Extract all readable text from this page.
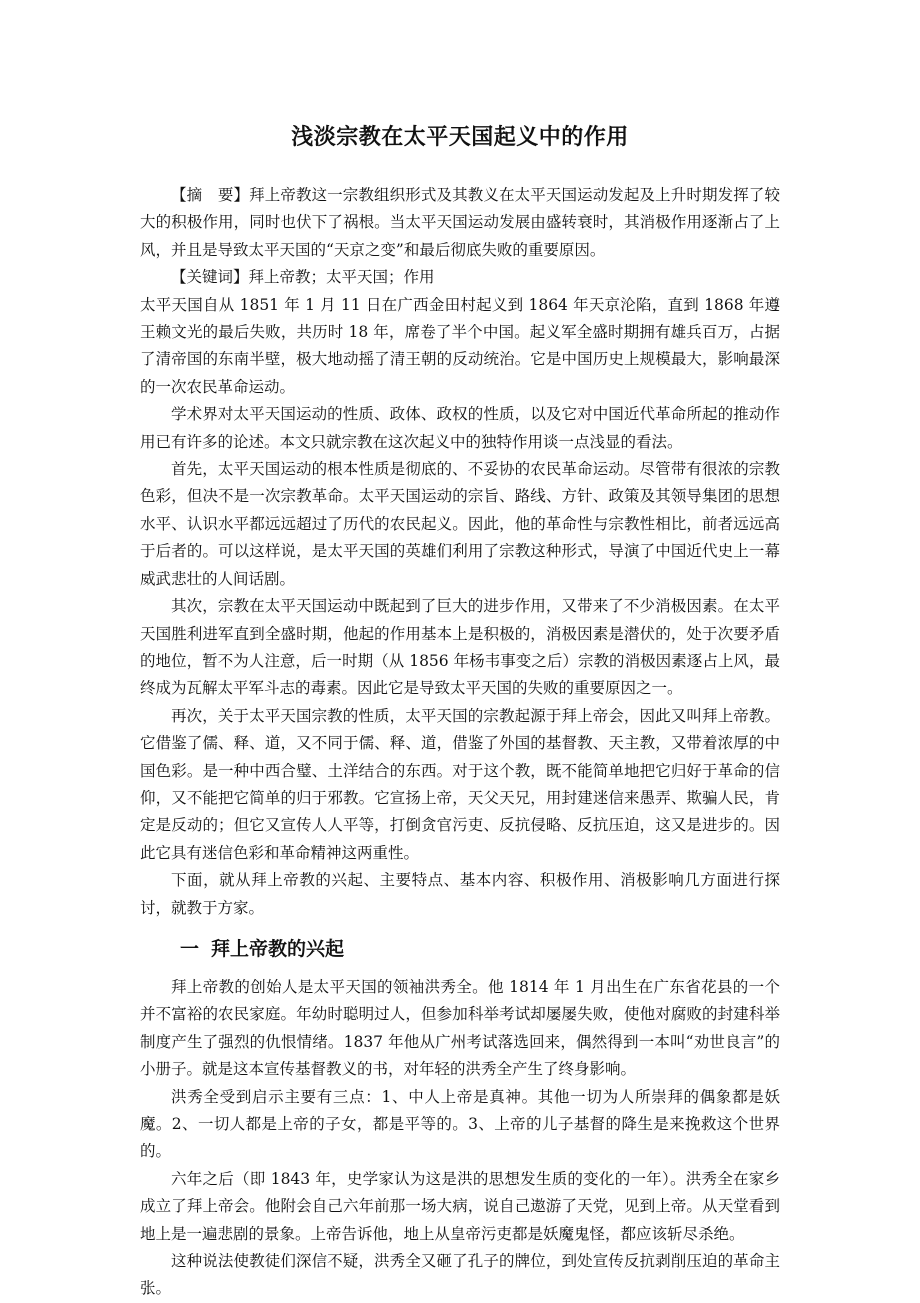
浅淡宗教在太平天国起义中的作用

【摘　要】拜上帝教这一宗教组织形式及其教义在太平天国运动发起及上升时期发挥了较大的积极作用，同时也伏下了祸根。当太平天国运动发展由盛转衰时，其消极作用逐渐占了上风，并且是导致太平天国的“天京之变”和最后彻底失败的重要原因。

【关键词】拜上帝教；太平天国；作用

太平天国自从 1851 年 1 月 11 日在广西金田村起义到 1864 年天京沦陷，直到 1868 年遵王赖文光的最后失败，共历时 18 年，席卷了半个中国。起义军全盛时期拥有雄兵百万，占据了清帝国的东南半壁，极大地动摇了清王朝的反动统治。它是中国历史上规模最大，影响最深的一次农民革命运动。

学术界对太平天国运动的性质、政体、政权的性质，以及它对中国近代革命所起的推动作用已有许多的论述。本文只就宗教在这次起义中的独特作用谈一点浅显的看法。

首先，太平天国运动的根本性质是彻底的、不妥协的农民革命运动。尽管带有很浓的宗教色彩，但决不是一次宗教革命。太平天国运动的宗旨、路线、方针、政策及其领导集团的思想水平、认识水平都远远超过了历代的农民起义。因此，他的革命性与宗教性相比，前者远远高于后者的。可以这样说，是太平天国的英雄们利用了宗教这种形式，导演了中国近代史上一幕威武悲壮的人间话剧。

其次，宗教在太平天国运动中既起到了巨大的进步作用，又带来了不少消极因素。在太平天国胜利进军直到全盛时期，他起的作用基本上是积极的，消极因素是潜伏的，处于次要矛盾的地位，暂不为人注意，后一时期（从 1856 年杨韦事变之后）宗教的消极因素逐占上风，最终成为瓦解太平军斗志的毒素。因此它是导致太平天国的失败的重要原因之一。

再次，关于太平天国宗教的性质，太平天国的宗教起源于拜上帝会，因此又叫拜上帝教。它借鉴了儒、释、道，又不同于儒、释、道，借鉴了外国的基督教、天主教，又带着浓厚的中国色彩。是一种中西合璧、土洋结合的东西。对于这个教，既不能简单地把它归好于革命的信仰，又不能把它简单的归于邪教。它宣扬上帝，天父天兄，用封建迷信来愚弄、欺骗人民，肯定是反动的；但它又宣传人人平等，打倒贪官污吏、反抗侵略、反抗压迫，这又是进步的。因此它具有迷信色彩和革命精神这两重性。

下面，就从拜上帝教的兴起、主要特点、基本内容、积极作用、消极影响几方面进行探讨，就教于方家。

一 拜上帝教的兴起

拜上帝教的创始人是太平天国的领袖洪秀全。他 1814 年 1 月出生在广东省花县的一个并不富裕的农民家庭。年幼时聪明过人，但参加科举考试却屡屡失败，使他对腐败的封建科举制度产生了强烈的仇恨情绪。1837 年他从广州考试落选回来，偶然得到一本叫“劝世良言”的小册子。就是这本宣传基督教义的书，对年轻的洪秀全产生了终身影响。

洪秀全受到启示主要有三点：1、中人上帝是真神。其他一切为人所崇拜的偶象都是妖魔。2、一切人都是上帝的子女，都是平等的。3、上帝的儿子基督的降生是来挽救这个世界的。

六年之后（即 1843 年，史学家认为这是洪的思想发生质的变化的一年）。洪秀全在家乡成立了拜上帝会。他附会自己六年前那一场大病，说自己遨游了天党，见到上帝。从天堂看到地上是一遍悲剧的景象。上帝告诉他，地上从皇帝污吏都是妖魔鬼怪，都应该斩尽杀绝。

这种说法使教徒们深信不疑，洪秀全又砸了孔子的牌位，到处宣传反抗剥削压迫的革命主张。
